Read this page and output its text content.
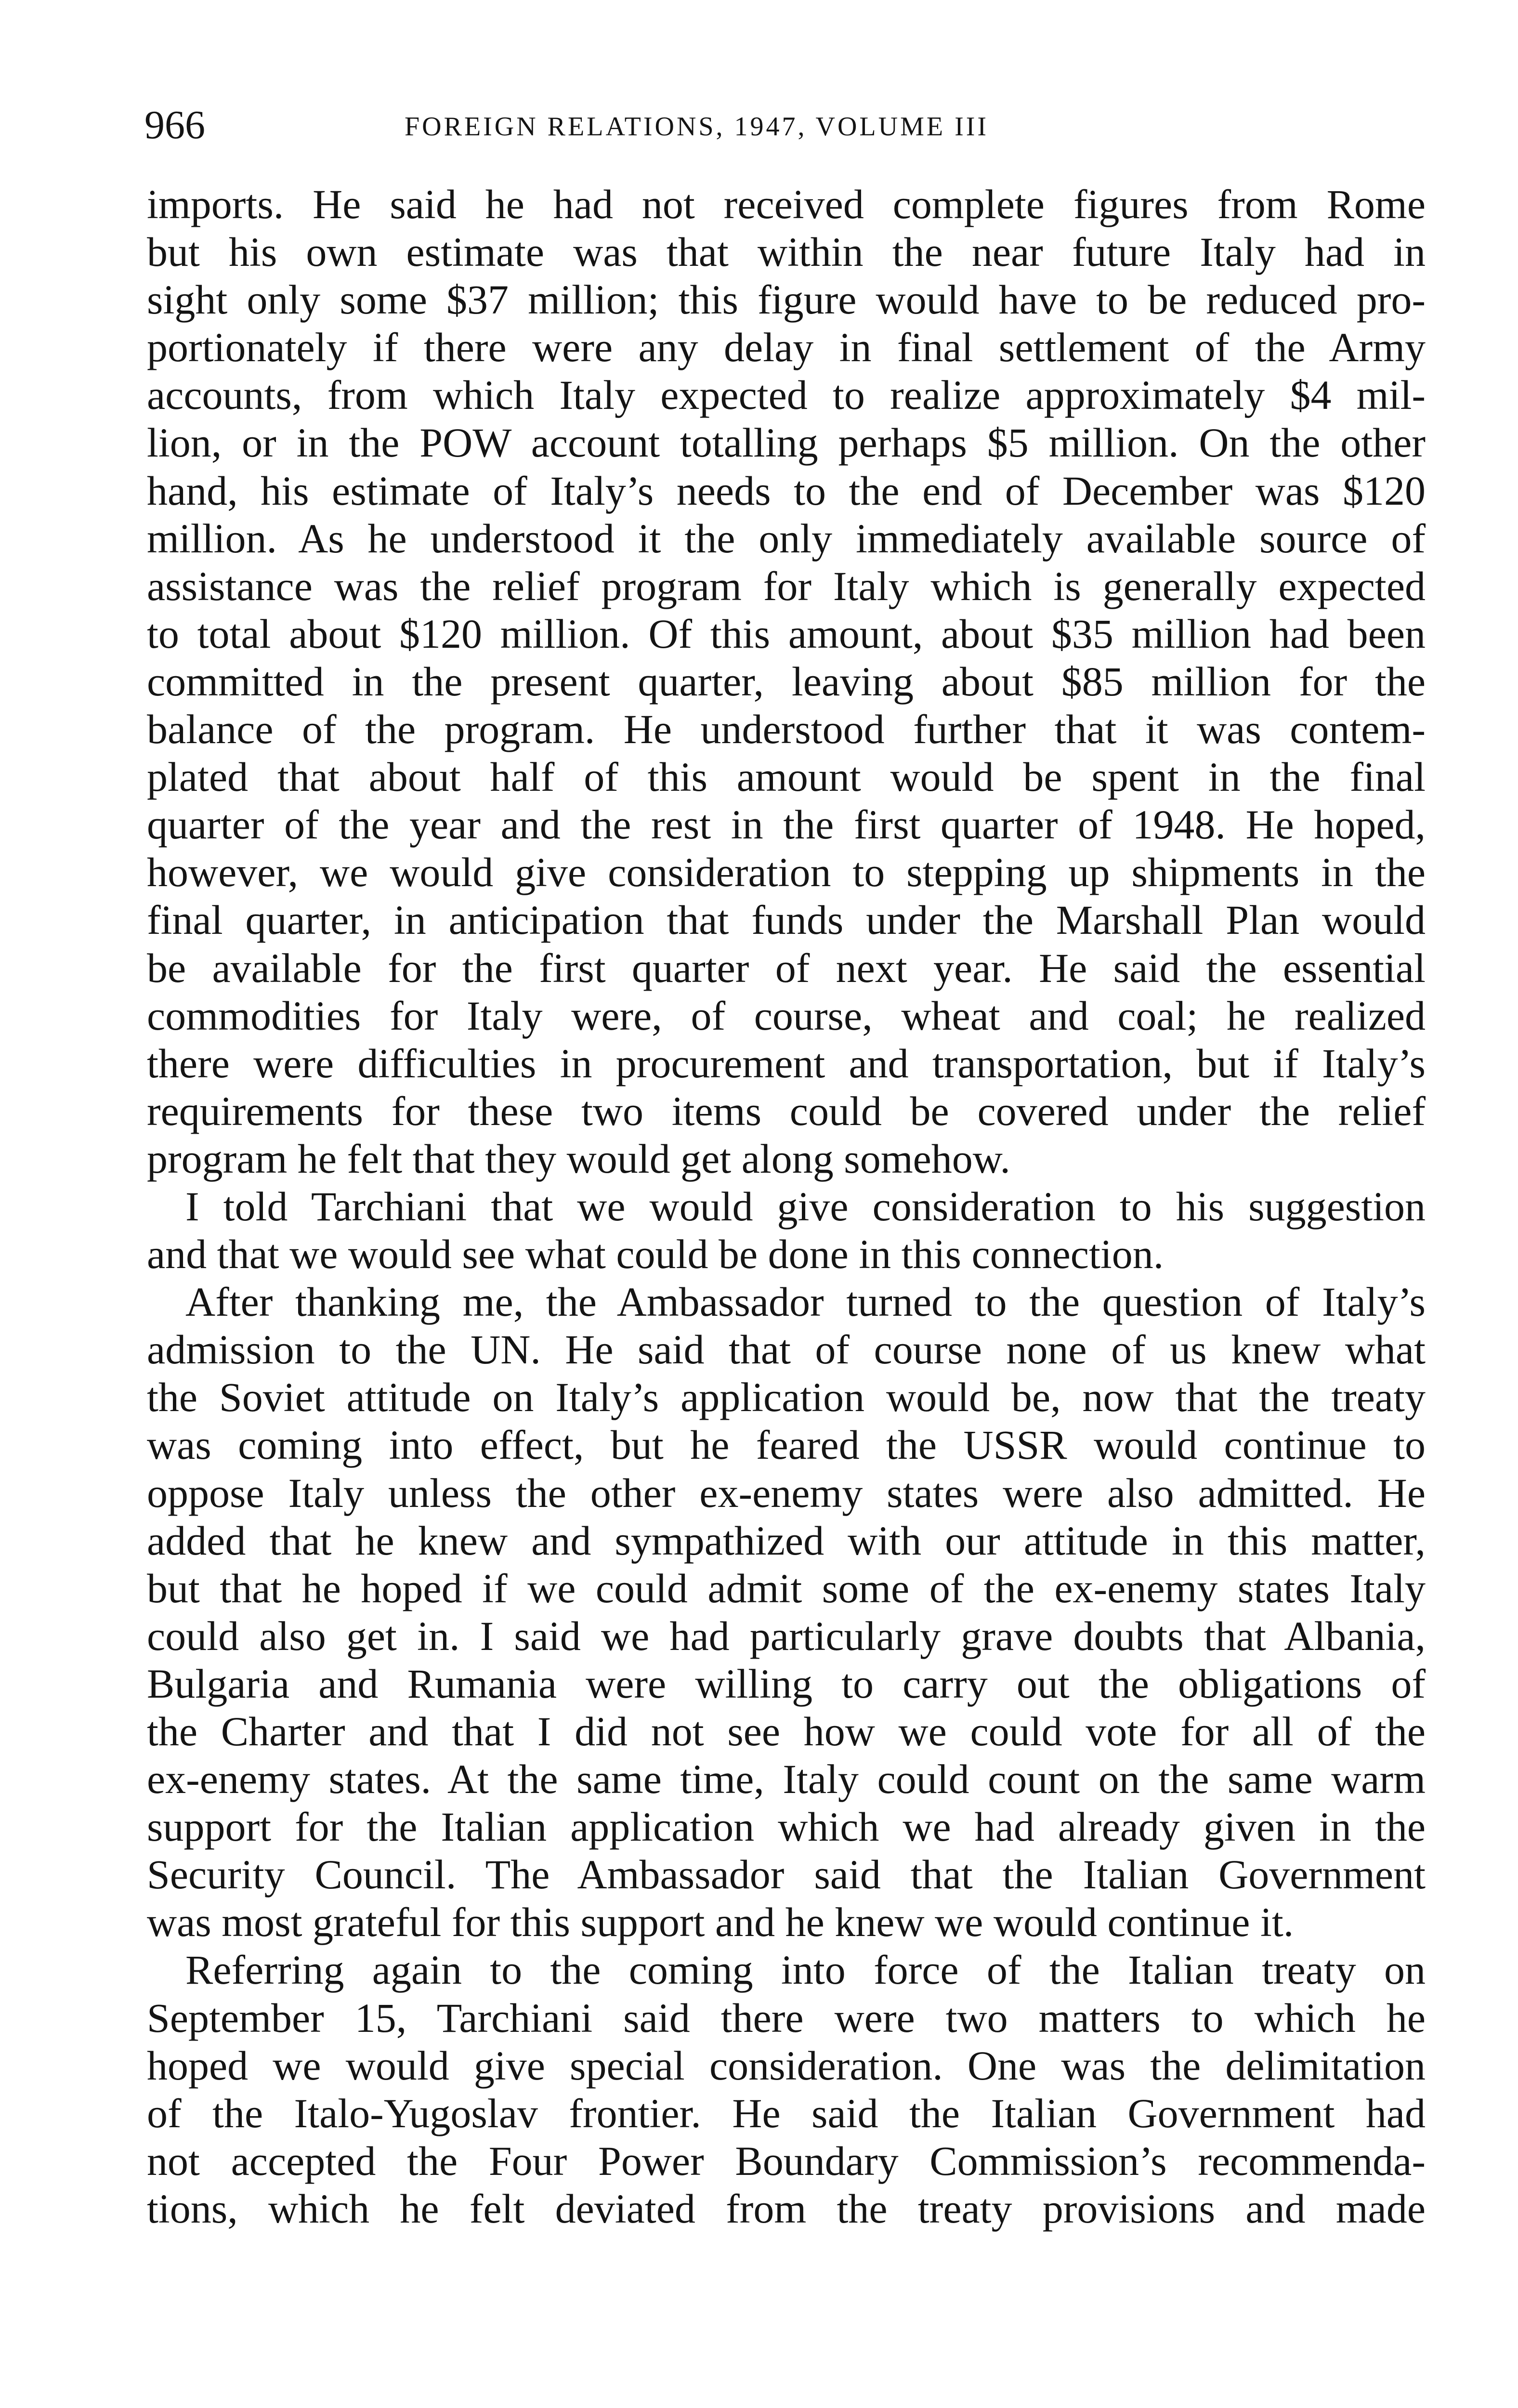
966	FOREIGN RELATIONS, 1947, VOLUME III
imports. He said he had not received complete figures from Rome
but his own estimate was that within the near future Italy had in
sight only some $37 million; this figure would have to be reduced pro-
portionately if there were any delay in final settlement of the Army
accounts, from which Italy expected to realize approximately $4 mil-
lion, or in the POW account totalling perhaps $5 million. On the other
hand, his estimate of Italy’s needs to the end of December was $120
million. As he understood it the only immediately available source of
assistance was the relief program for Italy which is generally expected
to total about $120 million. Of this amount, about $35 million had been
committed in the present quarter, leaving about $85 million for the
balance of the program. He understood further that it was contem-
plated that about half of this amount would be spent in the final
quarter of the year and the rest in the first quarter of 1948. He hoped,
however, we would give consideration to stepping up shipments in the
final quarter, in anticipation that funds under the Marshall Plan would
be available for the first quarter of next year. He said the essential
commodities for Italy were, of course, wheat and coal; he realized
there were difficulties in procurement and transportation, but if Italy’s
requirements for these two items could be covered under the relief
program he felt that they would get along somehow.
I told Tarchiani that we would give consideration to his suggestion
and that we would see what could be done in this connection.
After thanking me, the Ambassador turned to the question of Italy’s
admission to the UN. He said that of course none of us knew what
the Soviet attitude on Italy’s application would be, now that the treaty
was coming into effect, but he feared the USSR would continue to
oppose Italy unless the other ex-enemy states were also admitted. He
added that he knew and sympathized with our attitude in this matter,
but that he hoped if we could admit some of the ex-enemy states Italy
could also get in. I said we had particularly grave doubts that Albania,
Bulgaria and Rumania were willing to carry out the obligations of
the Charter and that I did not see how we could vote for all of the
ex-enemy states. At the same time, Italy could count on the same warm
support for the Italian application which we had already given in the
Security Council. The Ambassador said that the Italian Government
was most grateful for this support and he knew we would continue it.
Referring again to the coming into force of the Italian treaty on
September 15, Tarchiani said there were two matters to which he
hoped we would give special consideration. One was the delimitation
of the Italo-Yugoslav frontier. He said the Italian Government had
not accepted the Four Power Boundary Commission’s recommenda-
tions, which he felt deviated from the treaty provisions and made
